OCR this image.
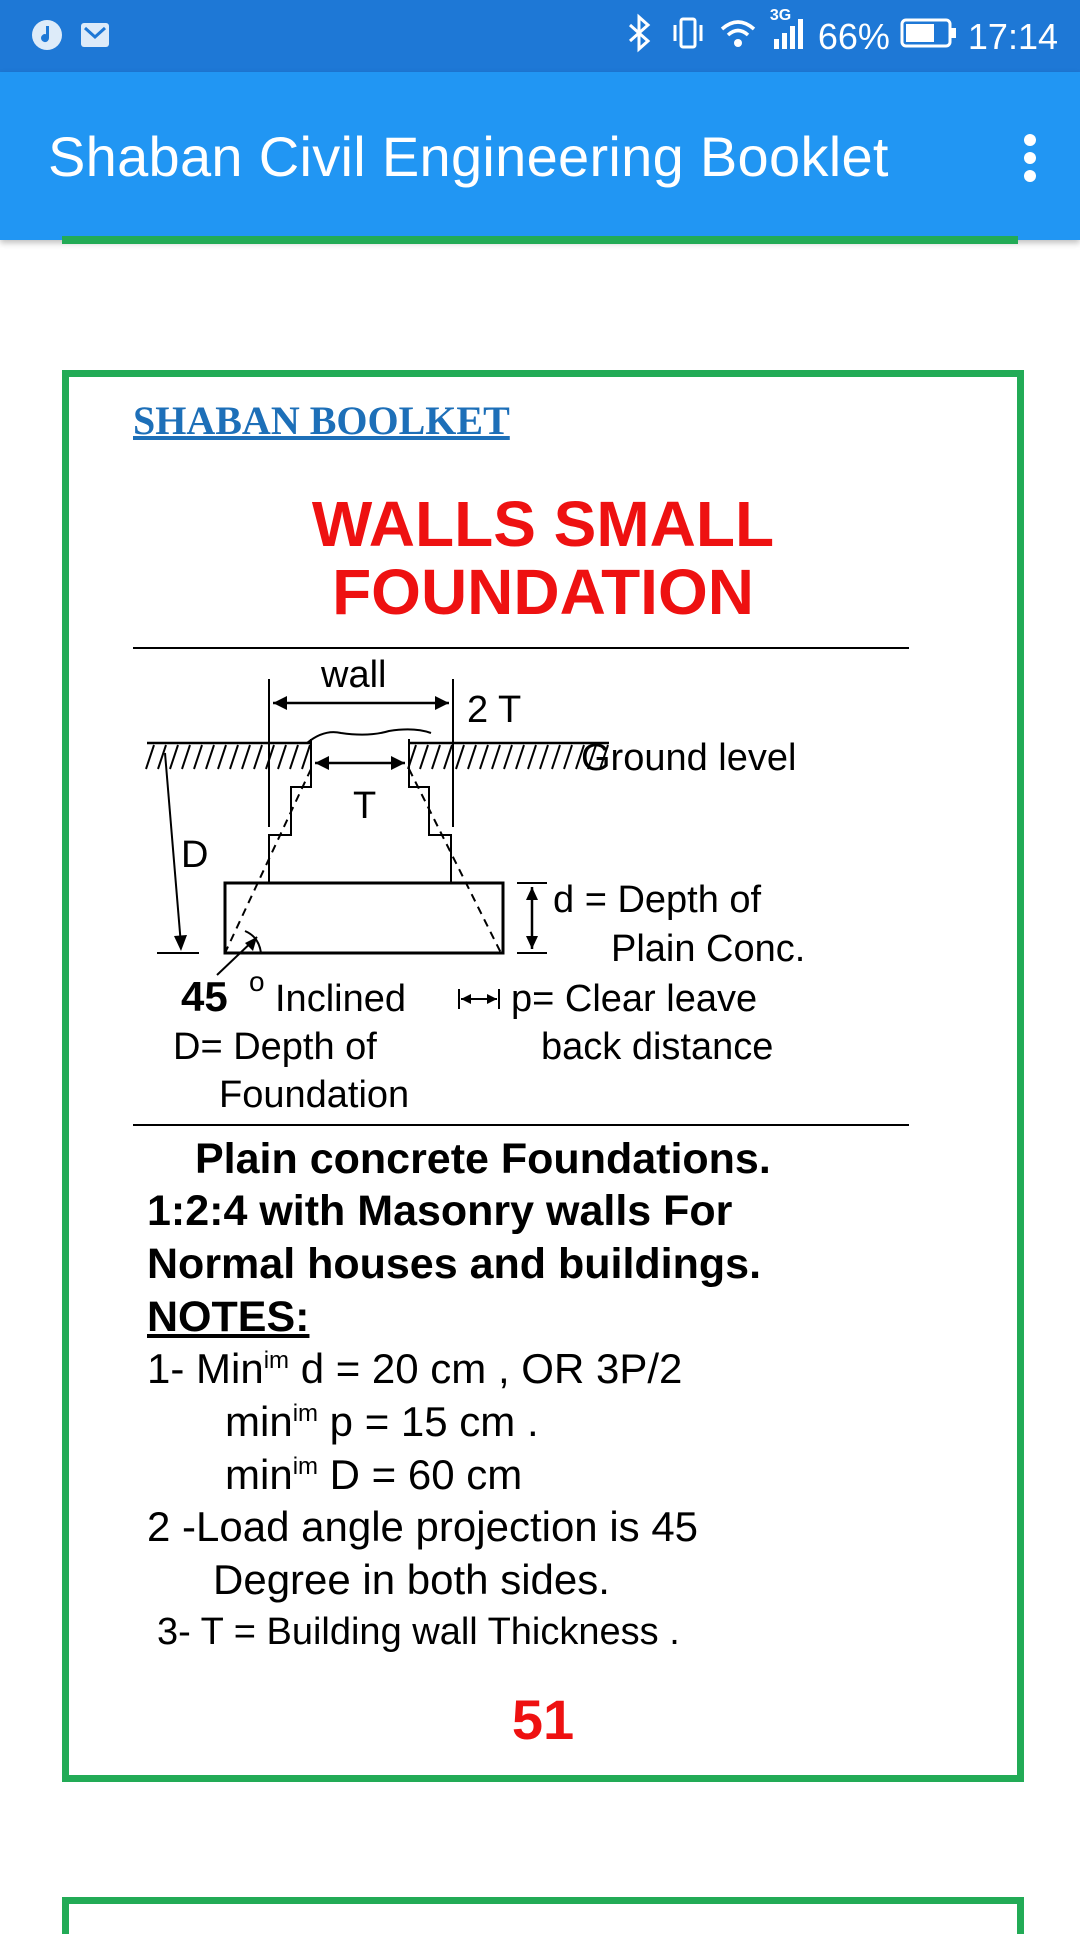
3G
66% 17:14
Shaban Civil Engineering Booklet
SHABAN BOOLKET
WALLS SMALL
FOUNDATION
wall
2 T
Ground level
T
D
d = Depth of
Plain Conc.
45 o Inclined	p= Clear leave
back distance
D= Depth of
Foundation
Plain concrete Foundations.
1:2:4 with Masonry walls For
Normal houses and buildings.
NOTES:
1- Min$^{im}$ d = 20 cm , OR 3P/2
$\min^{im} p = 15$ cm .
$\min^{im} D = 60$ cm
2 -Load angle projection is 45
Degree in both sides.
3- T = Building wall Thickness .
51
